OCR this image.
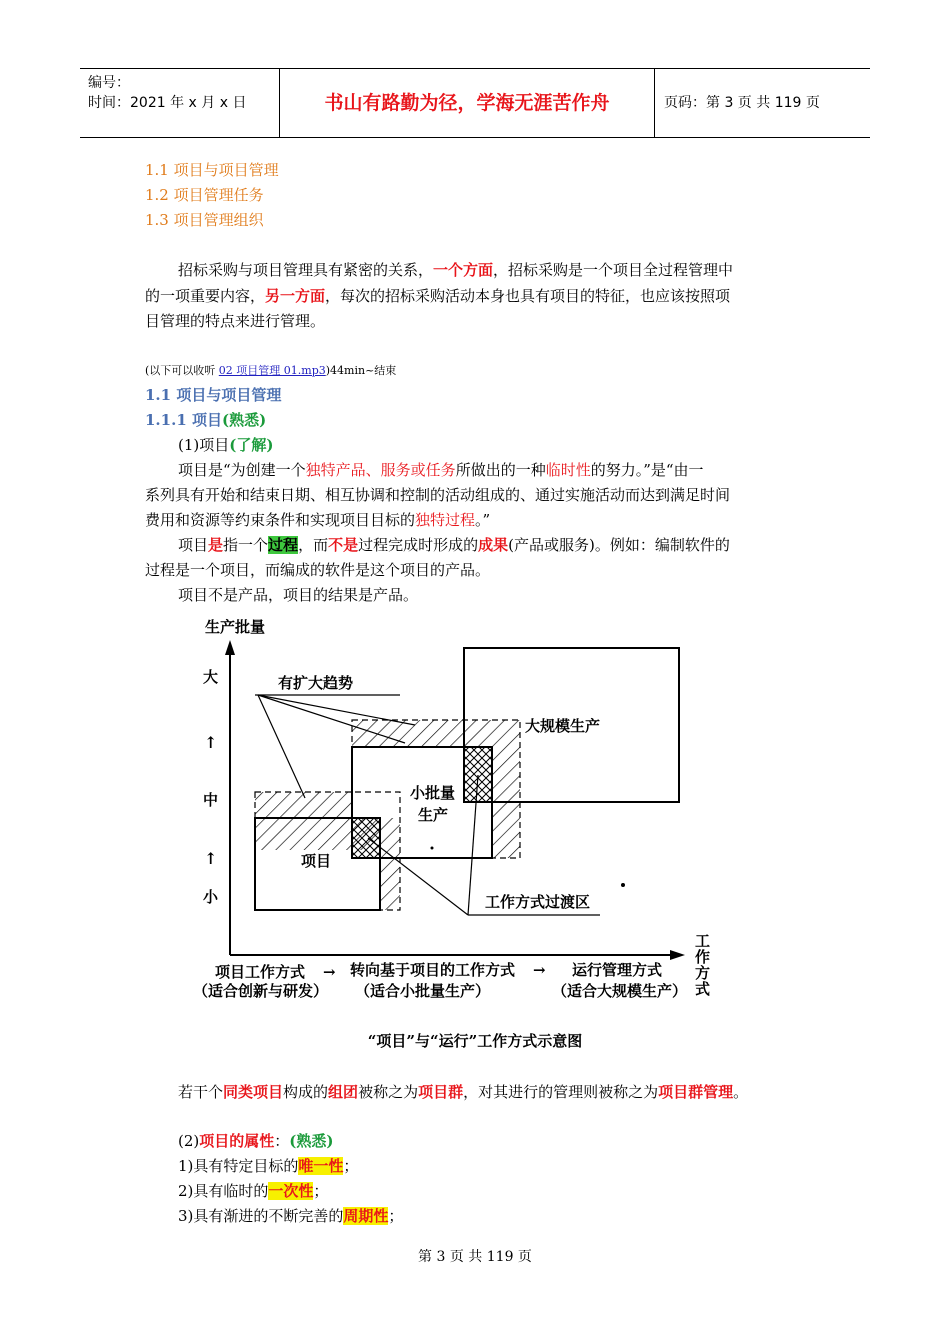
编号：
时间：2021 年 x 月 x 日	书山有路勤为径，学海无涯苦作舟	页码：第 3 页 共 119 页
1.1 项目与项目管理
1.2 项目管理任务
1.3 项目管理组织
招标采购与项目管理具有紧密的关系，一个方面，招标采购是一个项目全过程管理中
的一项重要内容，另一方面，每次的招标采购活动本身也具有项目的特征，也应该按照项
目管理的特点来进行管理。
(以下可以收听 02 项目管理 01.mp3)44min~结束
1.1 项目与项目管理
1.1.1 项目(熟悉)
(1)项目(了解)
项目是“为创建一个独特产品、服务或任务所做出的一种临时性的努力。”是“由一
系列具有开始和结束日期、相互协调和控制的活动组成的、通过实施活动而达到满足时间
费用和资源等约束条件和实现项目目标的独特过程。”
项目是指一个过程，而不是过程完成时形成的成果(产品或服务)。例如：编制软件的
过程是一个项目，而编成的软件是这个项目的产品。
项目不是产品，项目的结果是产品。
生产批量
大
↑
中
↑
小
工
作
方
式
大规模生产
小批量
生产
项目
有扩大趋势
工作方式过渡区
项目工作方式
（适合创新与研发）
→ 转向基于项目的工作方式
（适合小批量生产）
→ 运行管理方式
（适合大规模生产）
“项目”与“运行”工作方式示意图
若干个同类项目构成的组团被称之为项目群，对其进行的管理则被称之为项目群管理。
(2)项目的属性：(熟悉)
1)具有特定目标的唯一性；
2)具有临时的一次性；
3)具有渐进的不断完善的周期性；
第 3 页 共 119 页
